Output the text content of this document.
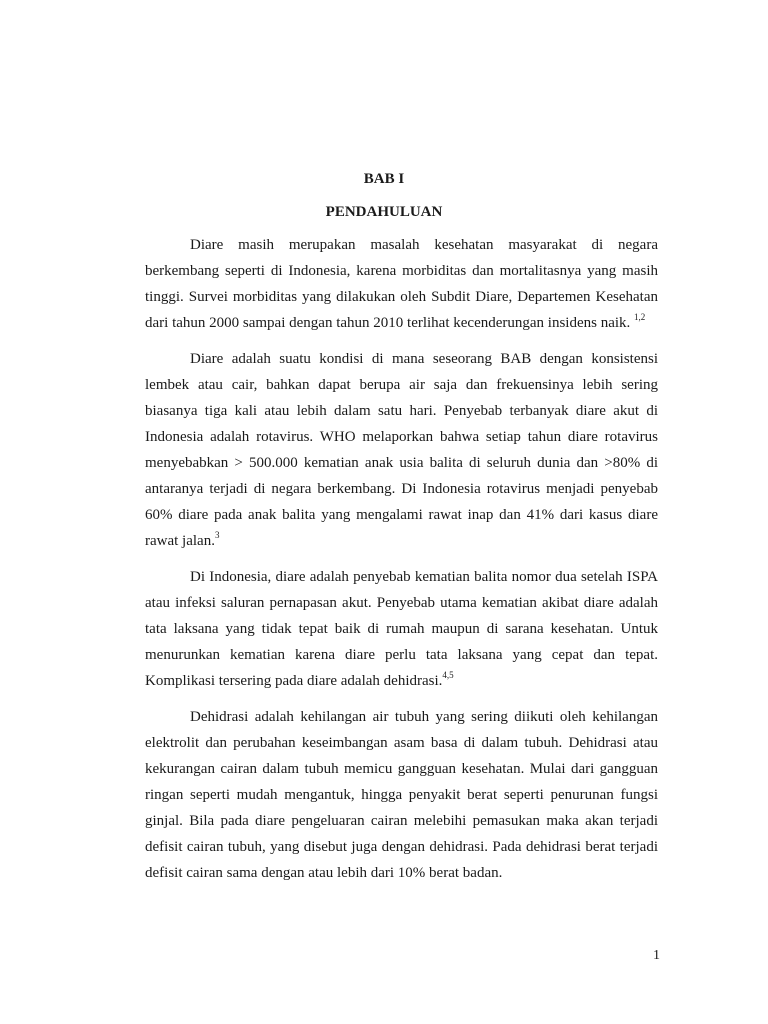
BAB I
PENDAHULUAN

Diare masih merupakan masalah kesehatan masyarakat di negara berkembang seperti di Indonesia, karena morbiditas dan mortalitasnya yang masih tinggi. Survei morbiditas yang dilakukan oleh Subdit Diare, Departemen Kesehatan dari tahun 2000 sampai dengan tahun 2010 terlihat kecenderungan insidens naik. $^{1,2}$

Diare adalah suatu kondisi di mana seseorang BAB dengan konsistensi lembek atau cair, bahkan dapat berupa air saja dan frekuensinya lebih sering biasanya tiga kali atau lebih dalam satu hari. Penyebab terbanyak diare akut di Indonesia adalah rotavirus. WHO melaporkan bahwa setiap tahun diare rotavirus menyebabkan > 500.000 kematian anak usia balita di seluruh dunia dan >80% di antaranya terjadi di negara berkembang. Di Indonesia rotavirus menjadi penyebab 60% diare pada anak balita yang mengalami rawat inap dan 41% dari kasus diare rawat jalan.$^3$

Di Indonesia, diare adalah penyebab kematian balita nomor dua setelah ISPA atau infeksi saluran pernapasan akut. Penyebab utama kematian akibat diare adalah tata laksana yang tidak tepat baik di rumah maupun di sarana kesehatan. Untuk menurunkan kematian karena diare perlu tata laksana yang cepat dan tepat. Komplikasi tersering pada diare adalah dehidrasi.$^{4,5}$

Dehidrasi adalah kehilangan air tubuh yang sering diikuti oleh kehilangan elektrolit dan perubahan keseimbangan asam basa di dalam tubuh. Dehidrasi atau kekurangan cairan dalam tubuh memicu gangguan kesehatan. Mulai dari gangguan ringan seperti mudah mengantuk, hingga penyakit berat seperti penurunan fungsi ginjal. Bila pada diare pengeluaran cairan melebihi pemasukan maka akan terjadi defisit cairan tubuh, yang disebut juga dengan dehidrasi. Pada dehidrasi berat terjadi defisit cairan sama dengan atau lebih dari 10% berat badan.

1
